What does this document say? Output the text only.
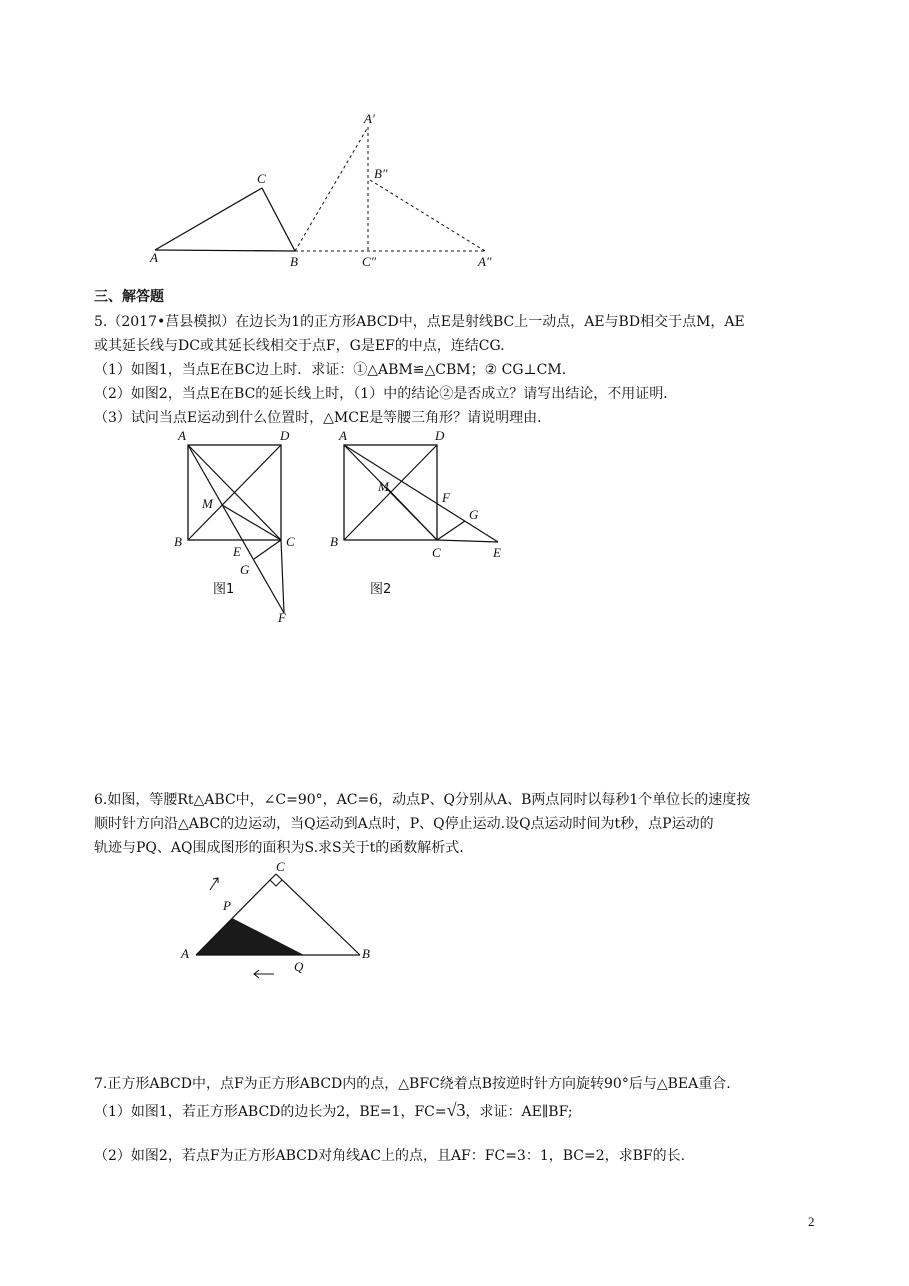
A
C
B
A′
B″
C″	A″
三、解答题
5.（2017•莒县模拟）在边长为1的正方形ABCD中，点E是射线BC上一动点，AE与BD相交于点M，AE
或其延长线与DC或其延长线相交于点F，G是EF的中点，连结CG.
（1）如图1，当点E在BC边上时．求证：①△ABM≌△CBM；② CG⊥CM.
（2）如图2，当点E在BC的延长线上时，（1）中的结论②是否成立？请写出结论，不用证明．
（3）试问当点E运动到什么位置时，△MCE是等腰三角形？请说明理由．
A	D
M
B	C
E
G
F
图1
A	D
M
F
G
B
C	E
图2
6.如图，等腰Rt△ABC中，∠C=90°，AC=6，动点P、Q分别从A、B两点同时以每秒1个单位长的速度按
顺时针方向沿△ABC的边运动，当Q运动到A点时，P、Q停止运动.设Q点运动时间为t秒，点P运动的
轨迹与PQ、AQ围成图形的面积为S.求S关于t的函数解析式.
C
P
A
Q
B
7.正方形ABCD中，点F为正方形ABCD内的点，△BFC绕着点B按逆时针方向旋转90°后与△BEA重合.
（1）如图1，若正方形ABCD的边长为2，BE=1，FC=√3，求证：AE∥BF;
（2）如图2，若点F为正方形ABCD对角线AC上的点，且AF：FC=3：1，BC=2，求BF的长.
2
